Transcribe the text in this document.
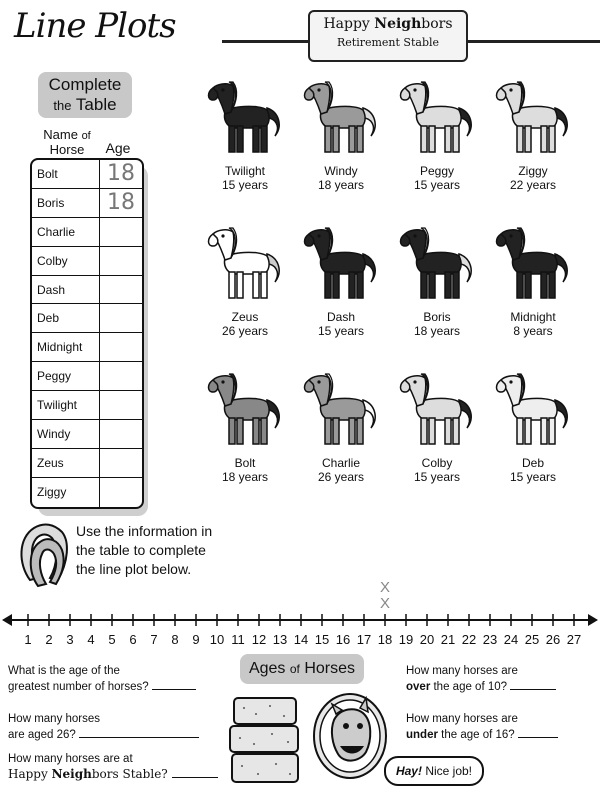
Line Plots	Happy Neighbors
Retirement Stable
Complete
the Table
Name of
Horse	Age
Bolt	18
Boris	18
Charlie
Colby
Dash
Deb
Midnight
Peggy
Twilight
Windy
Zeus
Ziggy
Twilight
15 years
Windy
18 years
Peggy
15 years
Ziggy
22 years
Zeus
26 years
Dash
15 years
Boris
18 years
Midnight
8 years
Bolt
18 years
Charlie
26 years
Colby
15 years
Deb
15 years
Use the information in the table to complete the line plot below.
1 2 3 4 5 6 7 8 9 10 11 12 13 14 15 16 17 18 19 20 21 22 23 24 25 26 27
X
X
Ages of Horses
What is the age of the
greatest number of horses?
How many horses
are aged 26?
How many horses are at
Happy Neighbors Stable?
How many horses are
over the age of 10?
How many horses are
under the age of 16?
Hay! Nice job!
